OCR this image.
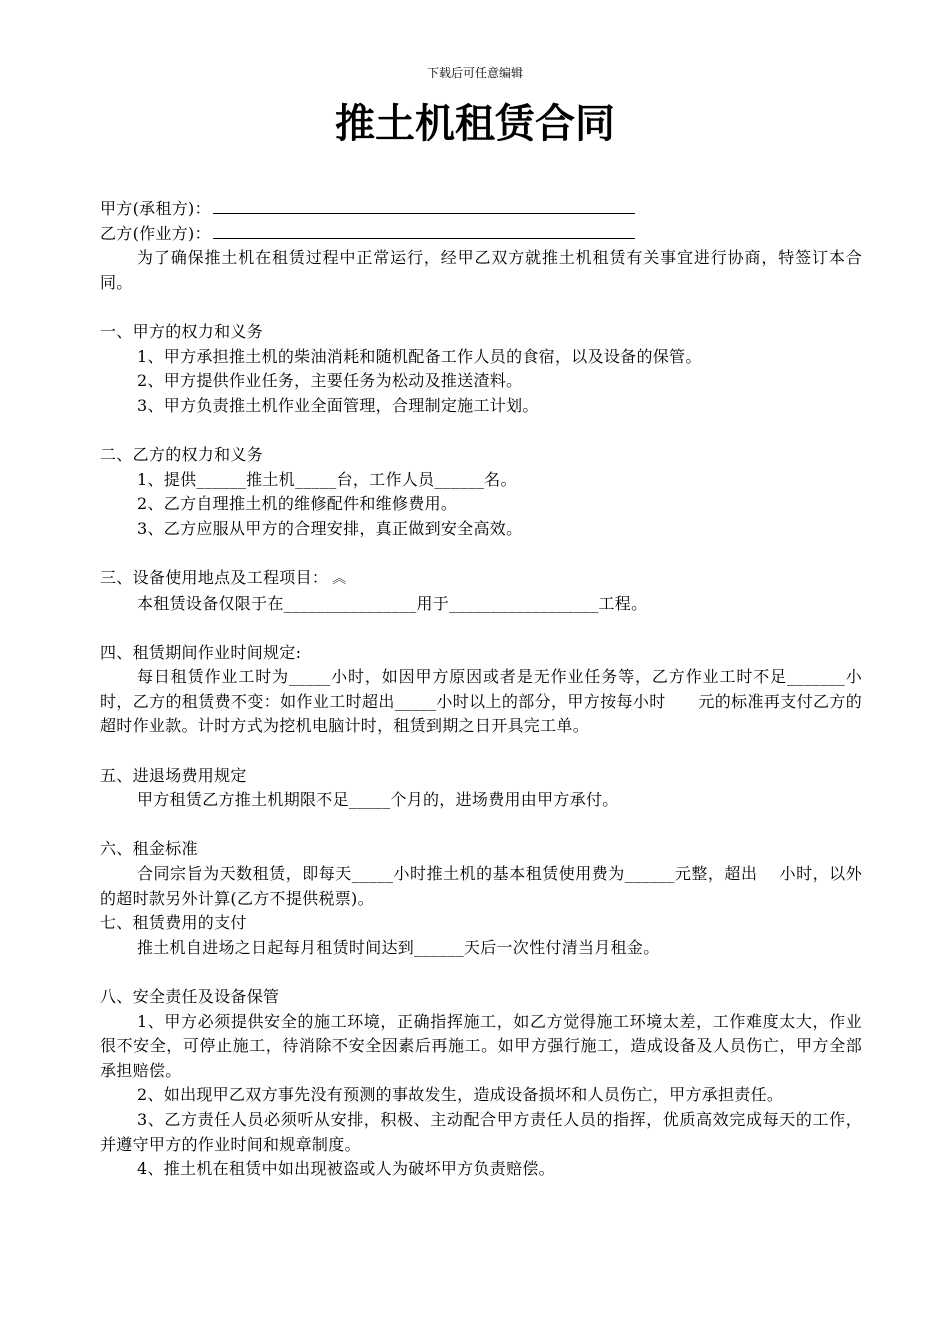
下载后可任意编辑
推土机租赁合同
甲方(承租方)：
乙方(作业方)：
为了确保推土机在租赁过程中正常运行，经甲乙双方就推土机租赁有关事宜进行协商，特签订本合同。
一、甲方的权力和义务
1、甲方承担推土机的柴油消耗和随机配备工作人员的食宿，以及设备的保管。
2、甲方提供作业任务，主要任务为松动及推送渣料。
3、甲方负责推土机作业全面管理，合理制定施工计划。
二、乙方的权力和义务
1、提供______推土机_____台，工作人员______名。
2、乙方自理推土机的维修配件和维修费用。
3、乙方应服从甲方的合理安排，真正做到安全高效。
三、设备使用地点及工程项目： ︽
本租赁设备仅限于在________________用于__________________工程。
四、租赁期间作业时间规定:
每日租赁作业工时为_____小时，如因甲方原因或者是无作业任务等，乙方作业工时不足_______小时，乙方的租赁费不变：如作业工时超出_____小时以上的部分，甲方按每小时　　元的标准再支付乙方的超时作业款。计时方式为挖机电脑计时，租赁到期之日开具完工单。
五、进退场费用规定
甲方租赁乙方推土机期限不足_____个月的，进场费用由甲方承付。
六、租金标准
合同宗旨为天数租赁，即每天_____小时推土机的基本租赁使用费为______元整，超出　 小时，以外的超时款另外计算(乙方不提供税票)。
七、租赁费用的支付
推土机自进场之日起每月租赁时间达到______天后一次性付清当月租金。
八、安全责任及设备保管
1、甲方必须提供安全的施工环境，正确指挥施工，如乙方觉得施工环境太差，工作难度太大，作业很不安全，可停止施工，待消除不安全因素后再施工。如甲方强行施工，造成设备及人员伤亡，甲方全部承担赔偿。
2、如出现甲乙双方事先没有预测的事故发生，造成设备损坏和人员伤亡，甲方承担责任。
3、乙方责任人员必须听从安排，积极、主动配合甲方责任人员的指挥，优质高效完成每天的工作，并遵守甲方的作业时间和规章制度。
4、推土机在租赁中如出现被盗或人为破坏甲方负责赔偿。
